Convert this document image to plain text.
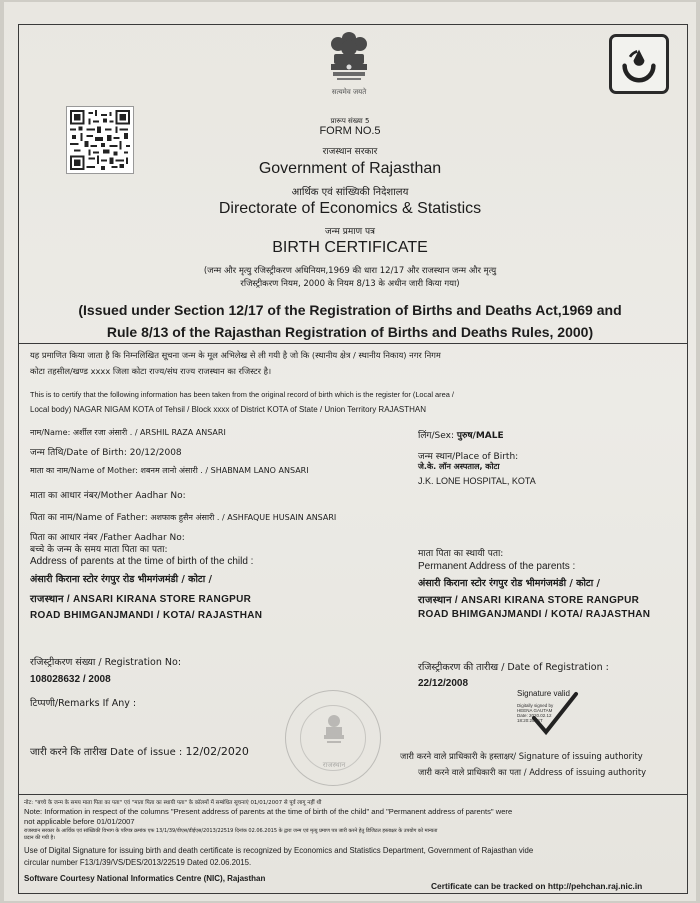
सत्यमेव जयते
प्रारूप संख्या 5
FORM NO.5
राजस्थान सरकार
Government of Rajasthan
आर्थिक एवं सांख्यिकी निदेशालय
Directorate of Economics & Statistics
जन्म प्रमाण पत्र
BIRTH CERTIFICATE
(जन्म और मृत्यु रजिस्ट्रीकरण अधिनियम,1969 की धारा 12/17 और राजस्थान जन्म और मृत्यु
रजिस्ट्रीकरण नियम, 2000 के नियम 8/13 के अधीन जारी किया गया)
(Issued under Section 12/17 of the Registration of Births and Deaths Act,1969 and
Rule 8/13 of the Rajasthan Registration of Births and Deaths Rules, 2000)
यह प्रमाणित किया जाता है कि निम्नलिखित सूचना जन्म के मूल अभिलेख से ली गयी है जो कि (स्थानीय क्षेत्र / स्थानीय निकाय) नगर निगम
कोटा तहसील/खण्ड xxxx जिला कोटा राज्य/संघ राज्य राजस्थान का रजिस्टर है।
This is to certify that the following information has been taken from the original record of birth which is the register for (Local area /
Local body) NAGAR NIGAM KOTA of Tehsil / Block xxxx of District KOTA of State / Union Territory RAJASTHAN
नाम/Name: अर्शील रजा अंसारी . / ARSHIL RAZA ANSARI
जन्म तिथि/Date of Birth: 20/12/2008
माता का नाम/Name of Mother: शबनम लानो अंसारी . / SHABNAM LANO ANSARI
माता का आधार नंबर/Mother Aadhar No:
पिता का नाम/Name of Father: अशफाक हुसैन अंसारी . / ASHFAQUE HUSAIN ANSARI
पिता का आधार नंबर /Father Aadhar No:
बच्चे के जन्म के समय माता पिता का पता:
Address of parents at the time of birth of the child :
अंसारी किराना स्टोर रंगपुर रोड भीमगंजमंडी / कोटा /
राजस्थान / ANSARI KIRANA STORE RANGPUR
ROAD BHIMGANJMANDI / KOTA/ RAJASTHAN
लिंग/Sex: पुरुष/MALE
जन्म स्थान/Place of Birth:
जे.के. लॉन अस्पताल, कोटा
J.K. LONE HOSPITAL, KOTA
माता पिता का स्थायी पता:
Permanent Address of the parents :
अंसारी किराना स्टोर रंगपुर रोड भीमगंजमंडी / कोटा /
राजस्थान / ANSARI KIRANA STORE RANGPUR
ROAD BHIMGANJMANDI / KOTA/ RAJASTHAN
रजिस्ट्रीकरण संख्या / Registration No:
108028632 / 2008
टिप्पणी/Remarks If Any :
रजिस्ट्रीकरण की तारीख / Date of Registration :
22/12/2008
Signature valid
Digitally signed by
HEENA GAUTAM
Date: 2020.02.12
18:20:25 IST
राजस्थान
जारी करने कि तारीख Date of issue : 12/02/2020	जारी करने वाले प्राधिकारी के हस्ताक्षर/ Signature of issuing authority
जारी करने वाले प्राधिकारी का पता / Address of issuing authority
नोट: "बच्चे के जन्म के समय माता पिता का पता" एवं "माता पिता का स्थायी पता" के कॉलमों में सम्बंधित सूचनाएं 01/01/2007 से पूर्व लागू नहीं थी
Note: Information in respect of the columns "Present address of parents at the time of birth of the child" and "Permanent address of parents" were
not applicable before 01/01/2007
राजस्थान सरकार के आर्थिक एवं सांख्यिकी विभाग के परिपत्र क्रमांक एफ 13/1/39/वीएस/डीईएस/2013/22519 दिनांक 02.06.2015 के द्वारा जन्म एवं मृत्यु प्रमाण पत्र जारी करने हेतु डिजिटल हस्ताक्षर के उपयोग को मान्यता
प्रदान की गयी है।
Use of Digital Signature for issuing birth and death certificate is recognized by Economics and Statistics Department, Government of Rajasthan vide
circular number F13/1/39/VS/DES/2013/22519 Dated 02.06.2015.
Software Courtesy National Informatics Centre (NIC), Rajasthan
Certificate can be tracked on http://pehchan.raj.nic.in
